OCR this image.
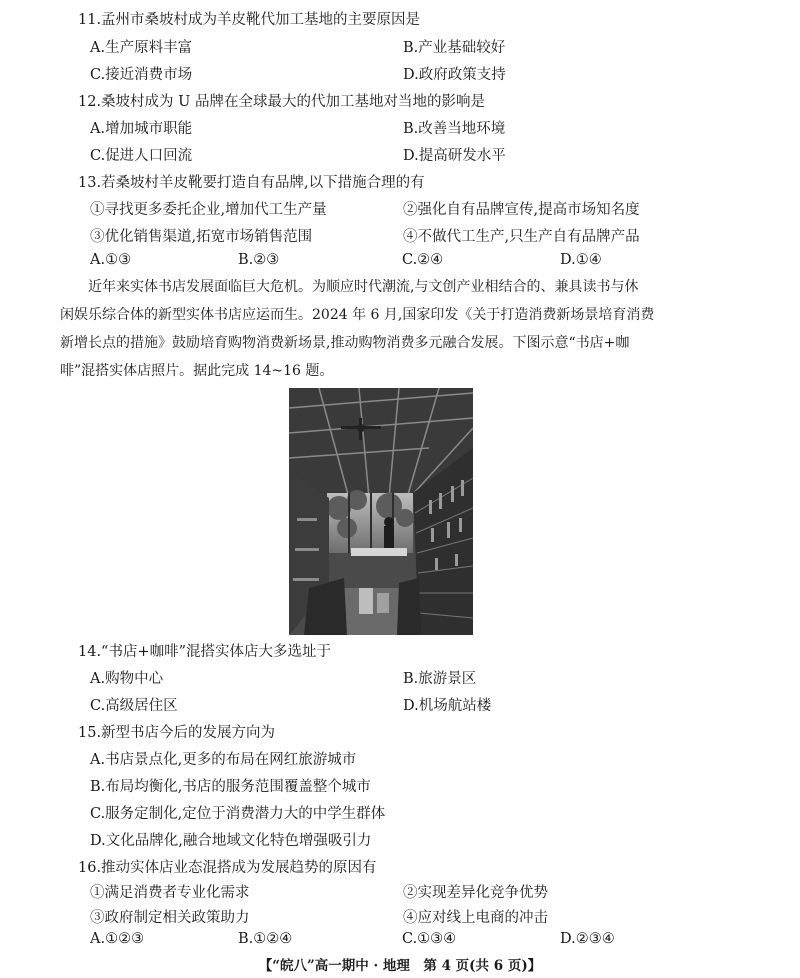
11.孟州市桑坡村成为羊皮靴代加工基地的主要原因是
A.生产原料丰富	B.产业基础较好
C.接近消费市场	D.政府政策支持
12.桑坡村成为 U 品牌在全球最大的代加工基地对当地的影响是
A.增加城市职能	B.改善当地环境
C.促进人口回流	D.提高研发水平
13.若桑坡村羊皮靴要打造自有品牌,以下措施合理的有
①寻找更多委托企业,增加代工生产量	②强化自有品牌宣传,提高市场知名度
③优化销售渠道,拓宽市场销售范围	④不做代工生产,只生产自有品牌产品
A.①③	B.②③	C.②④	D.①④
近年来实体书店发展面临巨大危机。为顺应时代潮流,与文创产业相结合的、兼具读书与休
闲娱乐综合体的新型实体书店应运而生。2024 年 6 月,国家印发《关于打造消费新场景培育消费
新增长点的措施》鼓励培育购物消费新场景,推动购物消费多元融合发展。下图示意“书店+咖
啡”混搭实体店照片。据此完成 14~16 题。
14.“书店+咖啡”混搭实体店大多选址于
A.购物中心	B.旅游景区
C.高级居住区	D.机场航站楼
15.新型书店今后的发展方向为
A.书店景点化,更多的布局在网红旅游城市
B.布局均衡化,书店的服务范围覆盖整个城市
C.服务定制化,定位于消费潜力大的中学生群体
D.文化品牌化,融合地域文化特色增强吸引力
16.推动实体店业态混搭成为发展趋势的原因有
①满足消费者专业化需求	②实现差异化竞争优势
③政府制定相关政策助力	④应对线上电商的冲击
A.①②③	B.①②④	C.①③④	D.②③④
【“皖八”高一期中 · 地理　第 4 页(共 6 页)】
